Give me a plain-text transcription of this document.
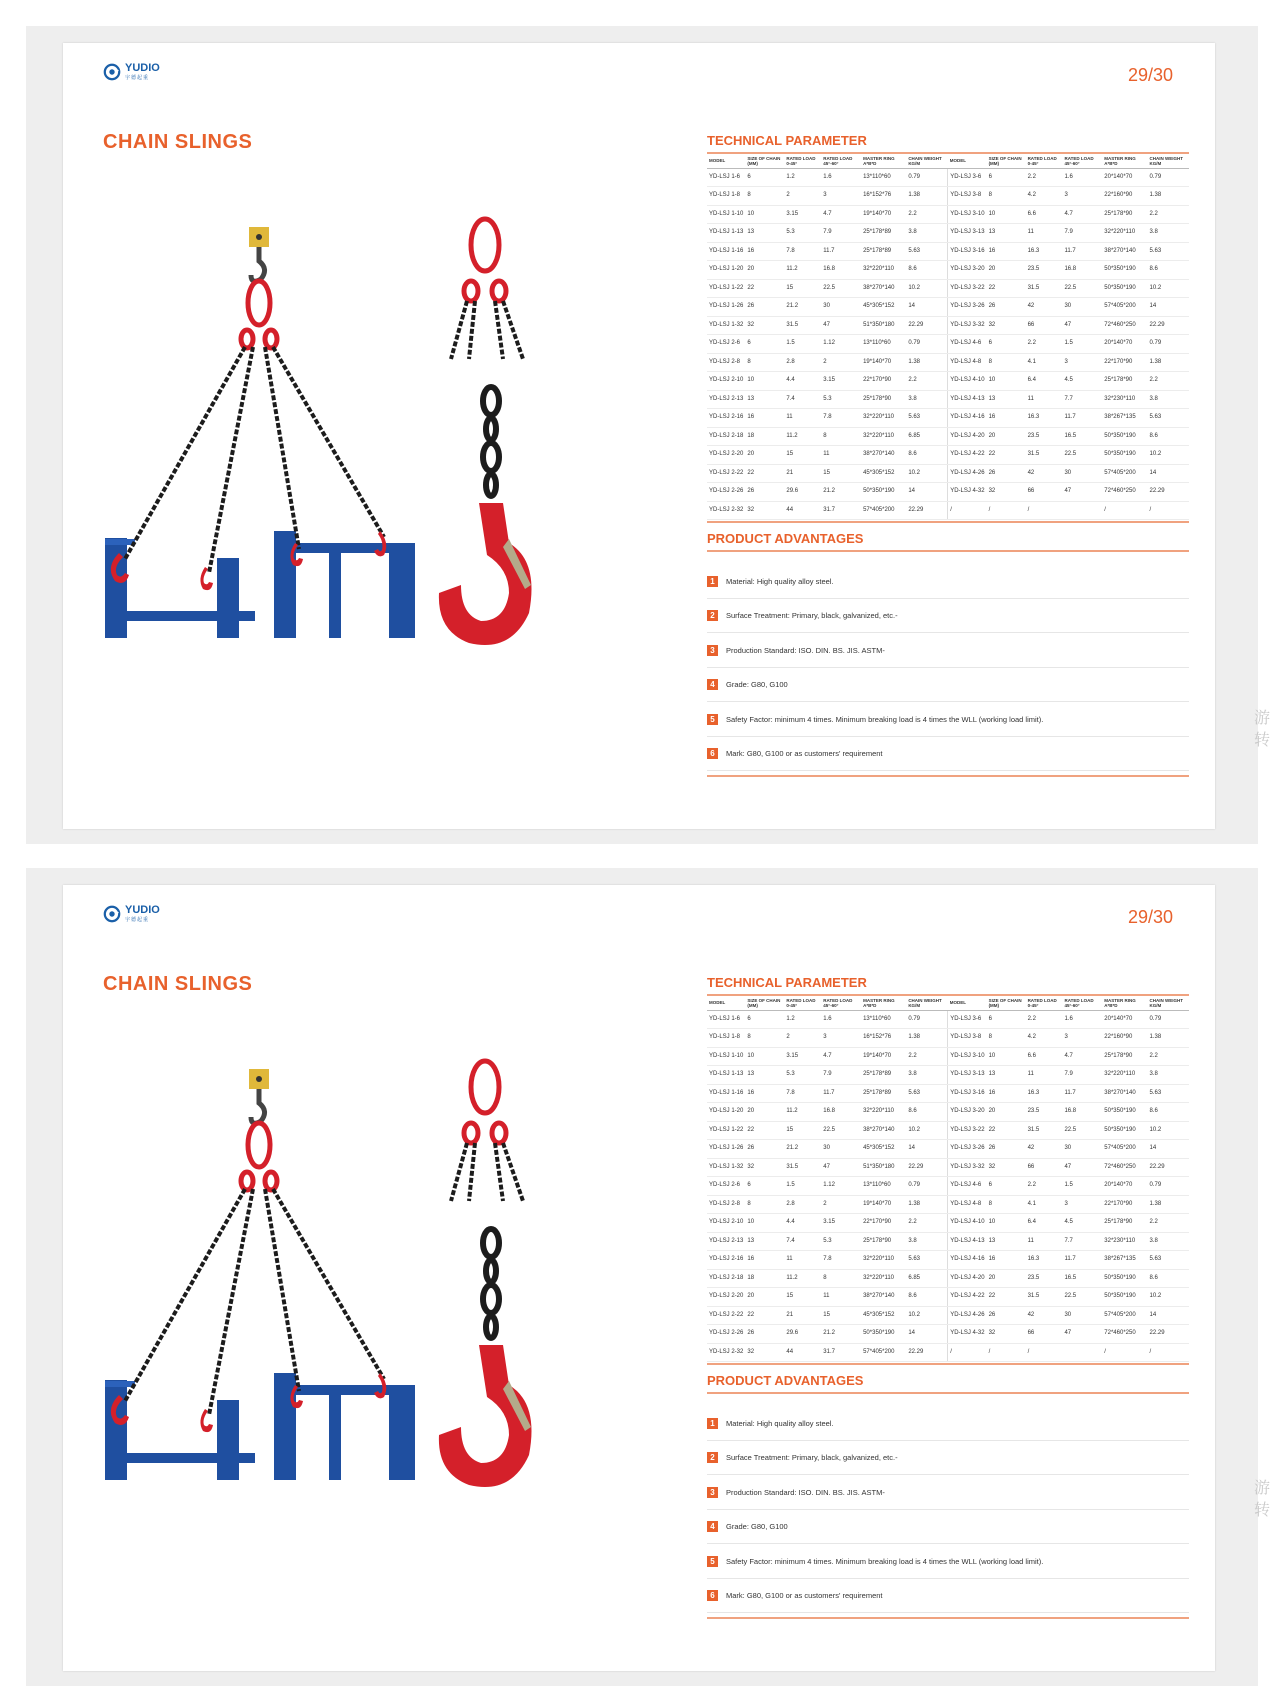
YUDIO
宇德起重	29/30
CHAIN SLINGS	TECHNICAL PARAMETER
MODEL	SIZE OF CHAIN (MM)	RATED LOAD 0-45°	RATED LOAD 45°-60°	MASTER RING A*B*D	CHAIN WEIGHT KG/M	MODEL	SIZE OF CHAIN (MM)	RATED LOAD 0-45°	RATED LOAD 45°-60°	MASTER RING A*B*D	CHAIN WEIGHT KG/M
YD-LSJ 1-6	6	1.2	1.6	13*110*60	0.79	YD-LSJ 3-6	6	2.2	1.6	20*140*70	0.79
YD-LSJ 1-8	8	2	3	16*152*76	1.38	YD-LSJ 3-8	8	4.2	3	22*160*90	1.38
YD-LSJ 1-10	10	3.15	4.7	19*140*70	2.2	YD-LSJ 3-10	10	6.6	4.7	25*178*90	2.2
YD-LSJ 1-13	13	5.3	7.9	25*178*89	3.8	YD-LSJ 3-13	13	11	7.9	32*220*110	3.8
YD-LSJ 1-16	16	7.8	11.7	25*178*89	5.63	YD-LSJ 3-16	16	16.3	11.7	38*270*140	5.63
YD-LSJ 1-20	20	11.2	16.8	32*220*110	8.6	YD-LSJ 3-20	20	23.5	16.8	50*350*190	8.6
YD-LSJ 1-22	22	15	22.5	38*270*140	10.2	YD-LSJ 3-22	22	31.5	22.5	50*350*190	10.2
YD-LSJ 1-26	26	21.2	30	45*305*152	14	YD-LSJ 3-26	26	42	30	57*405*200	14
YD-LSJ 1-32	32	31.5	47	51*350*180	22.29	YD-LSJ 3-32	32	66	47	72*460*250	22.29
YD-LSJ 2-6	6	1.5	1.12	13*110*60	0.79	YD-LSJ 4-6	6	2.2	1.5	20*140*70	0.79
YD-LSJ 2-8	8	2.8	2	19*140*70	1.38	YD-LSJ 4-8	8	4.1	3	22*170*90	1.38
YD-LSJ 2-10	10	4.4	3.15	22*170*90	2.2	YD-LSJ 4-10	10	6.4	4.5	25*178*90	2.2
YD-LSJ 2-13	13	7.4	5.3	25*178*90	3.8	YD-LSJ 4-13	13	11	7.7	32*230*110	3.8
YD-LSJ 2-16	16	11	7.8	32*220*110	5.63	YD-LSJ 4-16	16	16.3	11.7	38*267*135	5.63
YD-LSJ 2-18	18	11.2	8	32*220*110	6.85	YD-LSJ 4-20	20	23.5	16.5	50*350*190	8.6
YD-LSJ 2-20	20	15	11	38*270*140	8.6	YD-LSJ 4-22	22	31.5	22.5	50*350*190	10.2
YD-LSJ 2-22	22	21	15	45*305*152	10.2	YD-LSJ 4-26	26	42	30	57*405*200	14
YD-LSJ 2-26	26	29.6	21.2	50*350*190	14	YD-LSJ 4-32	32	66	47	72*460*250	22.29
YD-LSJ 2-32	32	44	31.7	57*405*200	22.29	/	/	/		/	/
PRODUCT ADVANTAGES
1	Material: High quality alloy steel.
2	Surface Treatment: Primary, black, galvanized, etc.-
3	Production Standard: ISO. DIN. BS. JIS. ASTM-
4	Grade: G80, G100
5	Safety Factor: minimum 4 times. Minimum breaking load is 4 times the WLL (working load limit).
6	Mark: G80, G100 or as customers' requirement
YUDIO
宇德起重	29/30
CHAIN SLINGS	TECHNICAL PARAMETER
MODEL	SIZE OF CHAIN (MM)	RATED LOAD 0-45°	RATED LOAD 45°-60°	MASTER RING A*B*D	CHAIN WEIGHT KG/M	MODEL	SIZE OF CHAIN (MM)	RATED LOAD 0-45°	RATED LOAD 45°-60°	MASTER RING A*B*D	CHAIN WEIGHT KG/M
YD-LSJ 1-6	6	1.2	1.6	13*110*60	0.79	YD-LSJ 3-6	6	2.2	1.6	20*140*70	0.79
YD-LSJ 1-8	8	2	3	16*152*76	1.38	YD-LSJ 3-8	8	4.2	3	22*160*90	1.38
YD-LSJ 1-10	10	3.15	4.7	19*140*70	2.2	YD-LSJ 3-10	10	6.6	4.7	25*178*90	2.2
YD-LSJ 1-13	13	5.3	7.9	25*178*89	3.8	YD-LSJ 3-13	13	11	7.9	32*220*110	3.8
YD-LSJ 1-16	16	7.8	11.7	25*178*89	5.63	YD-LSJ 3-16	16	16.3	11.7	38*270*140	5.63
YD-LSJ 1-20	20	11.2	16.8	32*220*110	8.6	YD-LSJ 3-20	20	23.5	16.8	50*350*190	8.6
YD-LSJ 1-22	22	15	22.5	38*270*140	10.2	YD-LSJ 3-22	22	31.5	22.5	50*350*190	10.2
YD-LSJ 1-26	26	21.2	30	45*305*152	14	YD-LSJ 3-26	26	42	30	57*405*200	14
YD-LSJ 1-32	32	31.5	47	51*350*180	22.29	YD-LSJ 3-32	32	66	47	72*460*250	22.29
YD-LSJ 2-6	6	1.5	1.12	13*110*60	0.79	YD-LSJ 4-6	6	2.2	1.5	20*140*70	0.79
YD-LSJ 2-8	8	2.8	2	19*140*70	1.38	YD-LSJ 4-8	8	4.1	3	22*170*90	1.38
YD-LSJ 2-10	10	4.4	3.15	22*170*90	2.2	YD-LSJ 4-10	10	6.4	4.5	25*178*90	2.2
YD-LSJ 2-13	13	7.4	5.3	25*178*90	3.8	YD-LSJ 4-13	13	11	7.7	32*230*110	3.8
YD-LSJ 2-16	16	11	7.8	32*220*110	5.63	YD-LSJ 4-16	16	16.3	11.7	38*267*135	5.63
YD-LSJ 2-18	18	11.2	8	32*220*110	6.85	YD-LSJ 4-20	20	23.5	16.5	50*350*190	8.6
YD-LSJ 2-20	20	15	11	38*270*140	8.6	YD-LSJ 4-22	22	31.5	22.5	50*350*190	10.2
YD-LSJ 2-22	22	21	15	45*305*152	10.2	YD-LSJ 4-26	26	42	30	57*405*200	14
YD-LSJ 2-26	26	29.6	21.2	50*350*190	14	YD-LSJ 4-32	32	66	47	72*460*250	22.29
YD-LSJ 2-32	32	44	31.7	57*405*200	22.29	/	/	/		/	/
PRODUCT ADVANTAGES
1	Material: High quality alloy steel.
2	Surface Treatment: Primary, black, galvanized, etc.-
3	Production Standard: ISO. DIN. BS. JIS. ASTM-
4	Grade: G80, G100
5	Safety Factor: minimum 4 times. Minimum breaking load is 4 times the WLL (working load limit).
6	Mark: G80, G100 or as customers' requirement
游
转
游
转
